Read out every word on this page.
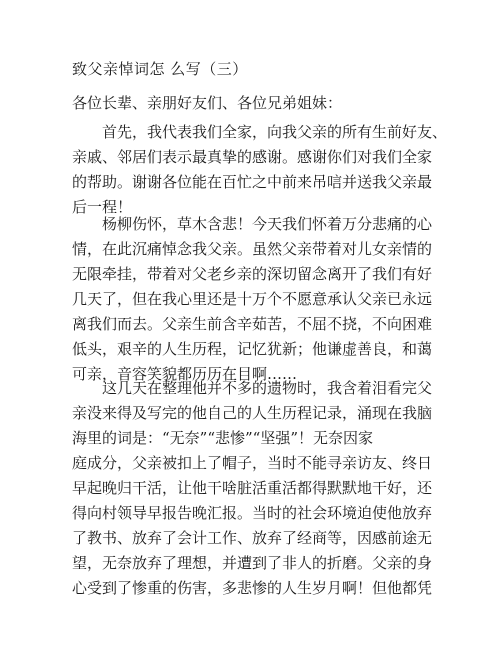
致父亲悼词怎 么写（三）
各位长辈、亲朋好友们、各位兄弟姐妹：
首先，我代表我们全家，向我父亲的所有生前好友、
亲戚、邻居们表示最真挚的感谢。感谢你们对我们全家
的帮助。谢谢各位能在百忙之中前来吊唁并送我父亲最
后一程！
杨柳伤怀，草木含悲！今天我们怀着万分悲痛的心
情，在此沉痛悼念我父亲。虽然父亲带着对儿女亲情的
无限牵挂，带着对父老乡亲的深切留念离开了我们有好
几天了，但在我心里还是十万个不愿意承认父亲已永远
离我们而去。父亲生前含辛茹苦，不屈不挠，不向困难
低头，艰辛的人生历程，记忆犹新；他谦虚善良，和蔼
可亲，音容笑貌都历历在目啊……
这几天在整理他并不多的遗物时，我含着泪看完父
亲没来得及写完的他自己的人生历程记录，涌现在我脑
海里的词是：“无奈”“悲惨”“坚强”！无奈因家
庭成分，父亲被扣上了帽子，当时不能寻亲访友、终日
早起晚归干活，让他干啥脏活重活都得默默地干好，还
得向村领导早报告晚汇报。当时的社会环境迫使他放弃
了教书、放弃了会计工作、放弃了经商等，因感前途无
望，无奈放弃了理想，并遭到了非人的折磨。父亲的身
心受到了惨重的伤害，多悲惨的人生岁月啊！但他都凭
